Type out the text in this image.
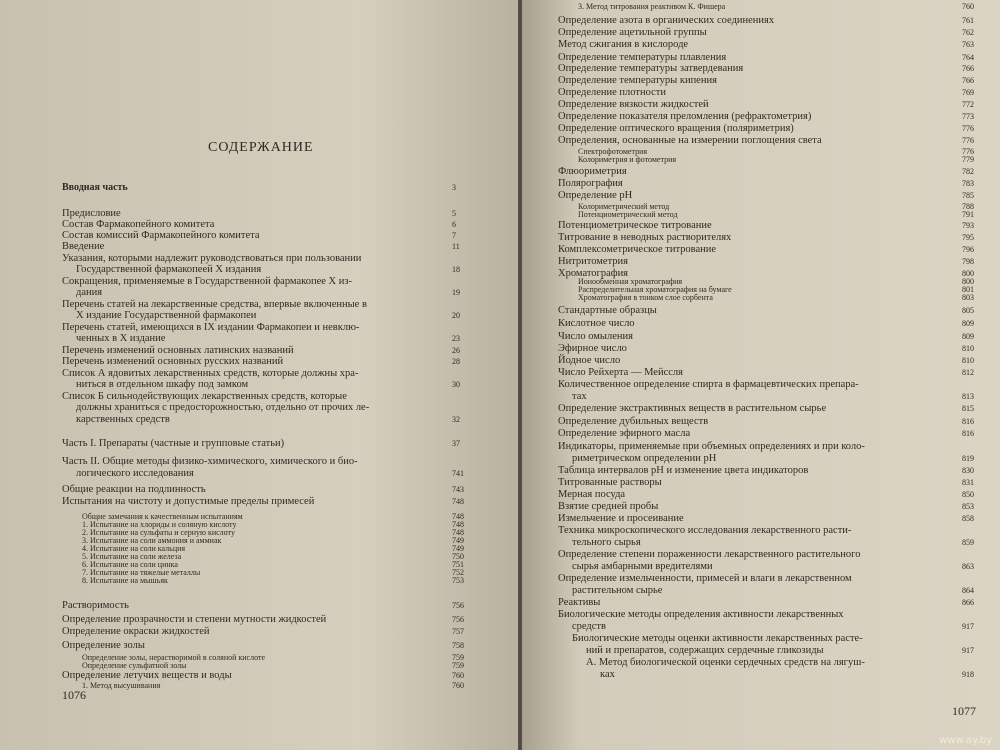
СОДЕРЖАНИЕ
Вводная часть	3
Предисловие	5
Состав Фармакопейного комитета	6
Состав комиссий Фармакопейного комитета	7
Введение	11
Указания, которыми надлежит руководствоваться при пользовании
Государственной фармакопеей X издания	18
Сокращения, применяемые в Государственной фармакопее X из-
дания	19
Перечень статей на лекарственные средства, впервые включенные в
X издание Государственной фармакопеи	20
Перечень статей, имеющихся в IX издании Фармакопеи и невклю-
ченных в X издание	23
Перечень изменений основных латинских названий	26
Перечень изменений основных русских названий	28
Список А ядовитых лекарственных средств, которые должны хра-
ниться в отдельном шкафу под замком	30
Список Б сильнодействующих лекарственных средств, которые
должны храниться с предосторожностью, отдельно от прочих ле-
карственных средств	32
Часть I. Препараты (частные и групповые статьи)	37
Часть II. Общие методы физико-химического, химического и био-
логического исследования	741
Общие реакции на подлинность	743
Испытания на чистоту и допустимые пределы примесей	748
Общие замечания к качественным испытаниям	748
1. Испытание на хлориды и соляную кислоту	748
2. Испытание на сульфаты и серную кислоту	748
3. Испытание на соли аммония и аммиак	749
4. Испытание на соли кальция	749
5. Испытание на соли железа	750
6. Испытание на соли цинка	751
7. Испытание на тяжелые металлы	752
8. Испытание на мышьяк	753
Растворимость	756
Определение прозрачности и степени мутности жидкостей	756
Определение окраски жидкостей	757
Определение золы	758
Определение золы, нерастворимой в соляной кислоте	759
Определение сульфатной золы	759
Определение летучих веществ и воды	760
1. Метод высушивания	760
1076
3. Метод титрования реактивом К. Фишера	760
Определение азота в органических соединениях	761
Определение ацетильной группы	762
Метод сжигания в кислороде	763
Определение температуры плавления	764
Определение температуры затвердевания	766
Определение температуры кипения	766
Определение плотности	769
Определение вязкости жидкостей	772
Определение показателя преломления (рефрактометрия)	773
Определение оптического вращения (поляриметрия)	776
Определения, основанные на измерении поглощения света	776
Спектрофотометрия	776
Колориметрия и фотометрия	779
Флюориметрия	782
Полярография	783
Определение pH	785
Колориметрический метод	788
Потенциометрический метод	791
Потенциометрическое титрование	793
Титрование в неводных растворителях	795
Комплексометрическое титрование	796
Нитритометрия	798
Хроматография	800
Ионообменная хроматография	800
Распределительная хроматография на бумаге	801
Хроматография в тонком слое сорбента	803
Стандартные образцы	805
Кислотное число	809
Число омыления	809
Эфирное число	810
Йодное число	810
Число Рейхерта — Мейссля	812
Количественное определение спирта в фармацевтических препара-
тах	813
Определение экстрактивных веществ в растительном сырье	815
Определение дубильных веществ	816
Определение эфирного масла	816
Индикаторы, применяемые при объемных определениях и при коло-
риметрическом определении pH	819
Таблица интервалов pH и изменение цвета индикаторов	830
Титрованные растворы	831
Мерная посуда	850
Взятие средней пробы	853
Измельчение и просеивание	858
Техника микроскопического исследования лекарственного расти-
тельного сырья	859
Определение степени пораженности лекарственного растительного
сырья амбарными вредителями	863
Определение измельченности, примесей и влаги в лекарственном
растительном сырье	864
Реактивы	866
Биологические методы определения активности лекарственных
средств	917
Биологические методы оценки активности лекарственных расте-
ний и препаратов, содержащих сердечные гликозиды	917
А. Метод биологической оценки сердечных средств на лягуш-
ках	918
1077
www.ay.by
